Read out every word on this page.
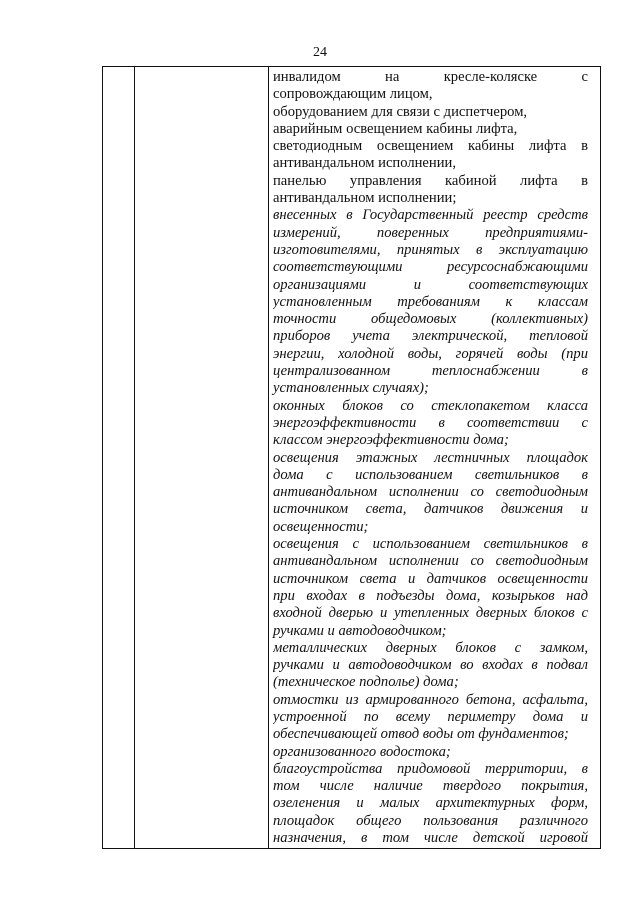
24
инвалидом на кресле-коляске с
сопровождающим лицом,
оборудованием для связи с диспетчером,
аварийным освещением кабины лифта,
светодиодным освещением кабины лифта в
антивандальном исполнении,
панелью управления кабиной лифта в
антивандальном исполнении;
внесенных в Государственный реестр средств
измерений, поверенных предприятиями-
изготовителями, принятых в эксплуатацию
соответствующими ресурсоснабжающими
организациями и соответствующих
установленным требованиям к классам
точности общедомовых (коллективных)
приборов учета электрической, тепловой
энергии, холодной воды, горячей воды (при
централизованном теплоснабжении в
установленных случаях);
оконных блоков со стеклопакетом класса
энергоэффективности в соответствии с
классом энергоэффективности дома;
освещения этажных лестничных площадок
дома с использованием светильников в
антивандальном исполнении со светодиодным
источником света, датчиков движения и
освещенности;
освещения с использованием светильников в
антивандальном исполнении со светодиодным
источником света и датчиков освещенности
при входах в подъезды дома, козырьков над
входной дверью и утепленных дверных блоков с
ручками и автодоводчиком;
металлических дверных блоков с замком,
ручками и автодоводчиком во входах в подвал
(техническое подполье) дома;
отмостки из армированного бетона, асфальта,
устроенной по всему периметру дома и
обеспечивающей отвод воды от фундаментов;
организованного водостока;
благоустройства придомовой территории, в
том числе наличие твердого покрытия,
озеленения и малых архитектурных форм,
площадок общего пользования различного
назначения, в том числе детской игровой
